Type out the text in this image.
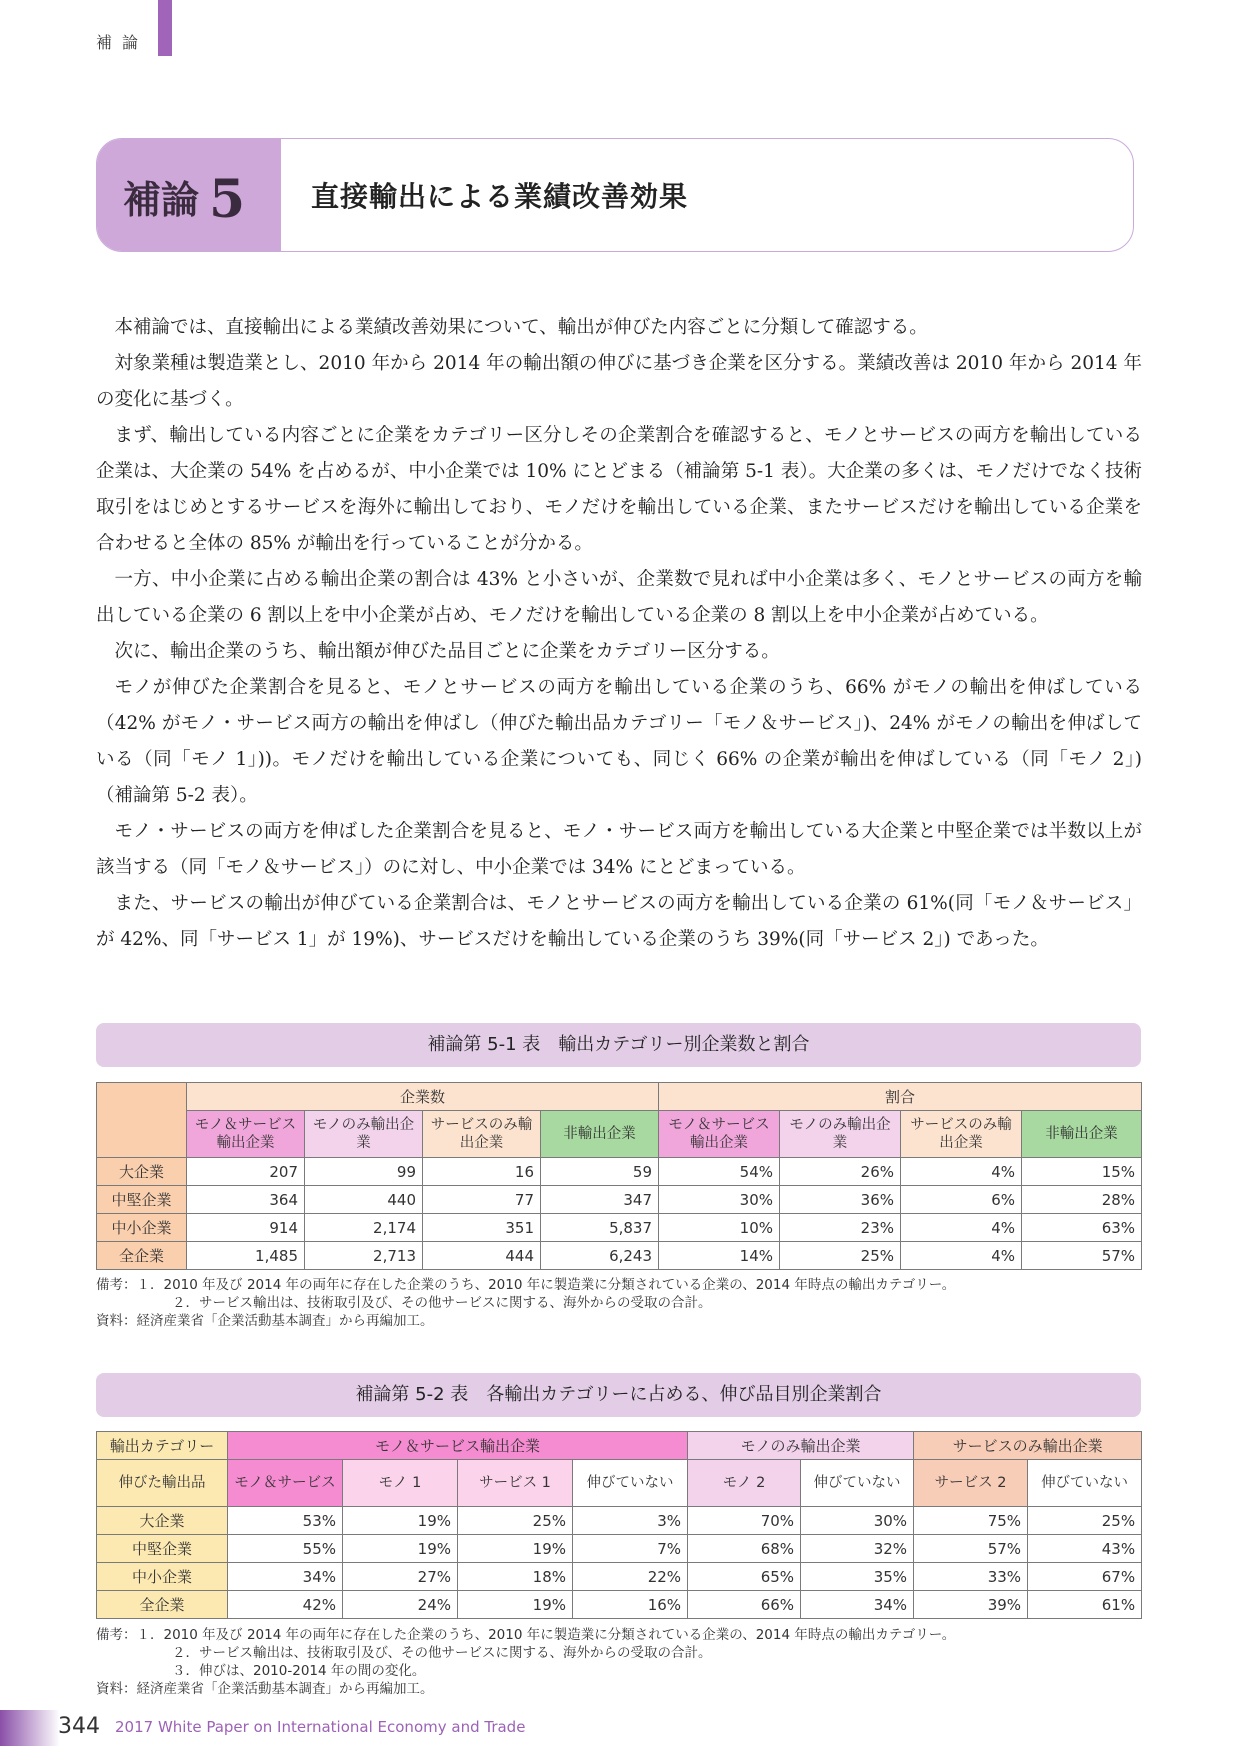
補論
補論 5 直接輸出による業績改善効果

本補論では、直接輸出による業績改善効果について、輸出が伸びた内容ごとに分類して確認する。

対象業種は製造業とし、2010 年から 2014 年の輸出額の伸びに基づき企業を区分する。業績改善は 2010 年から 2014 年の変化に基づく。

まず、輸出している内容ごとに企業をカテゴリー区分しその企業割合を確認すると、モノとサービスの両方を輸出している企業は、大企業の 54% を占めるが、中小企業では 10% にとどまる（補論第 5-1 表）。大企業の多くは、モノだけでなく技術取引をはじめとするサービスを海外に輸出しており、モノだけを輸出している企業、またサービスだけを輸出している企業を合わせると全体の 85% が輸出を行っていることが分かる。

一方、中小企業に占める輸出企業の割合は 43% と小さいが、企業数で見れば中小企業は多く、モノとサービスの両方を輸出している企業の 6 割以上を中小企業が占め、モノだけを輸出している企業の 8 割以上を中小企業が占めている。

次に、輸出企業のうち、輸出額が伸びた品目ごとに企業をカテゴリー区分する。

モノが伸びた企業割合を見ると、モノとサービスの両方を輸出している企業のうち、66% がモノの輸出を伸ばしている（42% がモノ・サービス両方の輸出を伸ばし（伸びた輸出品カテゴリー「モノ＆サービス」)、24% がモノの輸出を伸ばしている（同「モノ 1」))。モノだけを輸出している企業についても、同じく 66% の企業が輸出を伸ばしている（同「モノ 2」)（補論第 5-2 表）。

モノ・サービスの両方を伸ばした企業割合を見ると、モノ・サービス両方を輸出している大企業と中堅企業では半数以上が該当する（同「モノ＆サービス」）のに対し、中小企業では 34% にとどまっている。

また、サービスの輸出が伸びている企業割合は、モノとサービスの両方を輸出している企業の 61%(同「モノ＆サービス」が 42%、同「サービス 1」が 19%)、サービスだけを輸出している企業のうち 39%(同「サービス 2」) であった。

補論第 5-1 表　輸出カテゴリー別企業数と割合
	企業数				割合			
	モノ＆サービス輸出企業	モノのみ輸出企業	サービスのみ輸出企業	非輸出企業	モノ＆サービス輸出企業	モノのみ輸出企業	サービスのみ輸出企業	非輸出企業
大企業	207	99	16	59	54%	26%	4%	15%
中堅企業	364	440	77	347	30%	36%	6%	28%
中小企業	914	2,174	351	5,837	10%	23%	4%	63%
全企業	1,485	2,713	444	6,243	14%	25%	4%	57%
備考：１．2010 年及び 2014 年の両年に存在した企業のうち、2010 年に製造業に分類されている企業の、2014 年時点の輸出カテゴリー。
２．サービス輸出は、技術取引及び、その他サービスに関する、海外からの受取の合計。
資料：経済産業省「企業活動基本調査」から再編加工。
補論第 5-2 表　各輸出カテゴリーに占める、伸び品目別企業割合
輸出カテゴリー	モノ＆サービス輸出企業				モノのみ輸出企業		サービスのみ輸出企業	
伸びた輸出品	モノ＆サービス	モノ 1	サービス 1	伸びていない	モノ 2	伸びていない	サービス 2	伸びていない
大企業	53%	19%	25%	3%	70%	30%	75%	25%
中堅企業	55%	19%	19%	7%	68%	32%	57%	43%
中小企業	34%	27%	18%	22%	65%	35%	33%	67%
全企業	42%	24%	19%	16%	66%	34%	39%	61%
備考：１．2010 年及び 2014 年の両年に存在した企業のうち、2010 年に製造業に分類されている企業の、2014 年時点の輸出カテゴリー。
２．サービス輸出は、技術取引及び、その他サービスに関する、海外からの受取の合計。
３．伸びは、2010-2014 年の間の変化。
資料：経済産業省「企業活動基本調査」から再編加工。
344 2017 White Paper on International Economy and Trade
